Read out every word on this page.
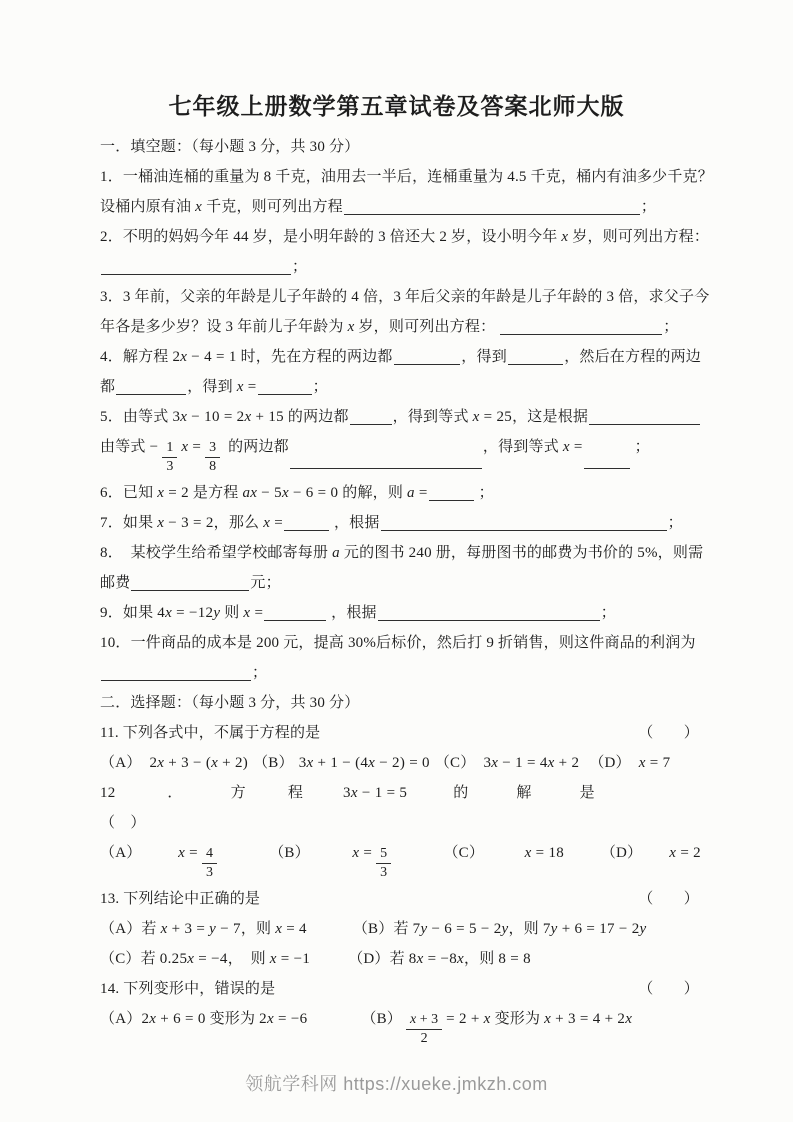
七年级上册数学第五章试卷及答案北师大版
一．填空题：（每小题 3 分，共 30 分）
1．一桶油连桶的重量为 8 千克，油用去一半后，连桶重量为 4.5 千克，桶内有油多少千克？
设桶内原有油 x 千克，则可列出方程	；
2．不明的妈妈今年 44 岁，是小明年龄的 3 倍还大 2 岁，设小明今年 x 岁，则可列出方程：
；
3．3 年前，父亲的年龄是儿子年龄的 4 倍，3 年后父亲的年龄是儿子年龄的 3 倍，求父子今
年各是多少岁？设 3 年前儿子年龄为 x 岁，则可列出方程：	；
4．解方程 2x − 4 = 1 时，先在方程的两边都	，得到	，然后在方程的两边
都	，得到 x =	；
5．由等式 3x − 10 = 2x + 15 的两边都	，得到等式 x = 25 ，这是根据
由等式 − $\frac{1}{3}$ $x = \frac{3}{8}$ 的两边都	，得到等式 x =	；
6．已知 x = 2 是方程 ax − 5x − 6 = 0 的解，则 a =	；
7．如果 x − 3 = 2 ，那么 x =	，根据	；
8．　某校学生给希望学校邮寄每册 a 元的图书 240 册，每册图书的邮费为书价的 5%，则需
邮费	元；
9．如果 4x = −12y 则 x =	，根据	；
10．一件商品的成本是 200 元，提高 30%后标价，然后打 9 折销售，则这件商品的利润为
；
二．选择题：（每小题 3 分，共 30 分）
11. 下列各式中，不属于方程的是	（　　）
（A） 2x + 3 − (x + 2) （B） 3x + 1 − (4x − 2) = 0 （C） 3x − 1 = 4x + 2 （D） x = 7
12	．	方	程	3x − 1 = 5	的	解	是
（　）
（A） $x = \frac{4}{3}$	（B）	$x = \frac{5}{3}$	（C）	x = 18 （D） x = 2
13. 下列结论中正确的是	（　　）
（A）若 x + 3 = y − 7 ，则 x = 4	（B）若 7y − 6 = 5 − 2y ，则 7y + 6 = 17 − 2y
（C）若 0.25x = −4 ，　则 x = −1	（D）若 8x = −8x ，则 8 = 8
14. 下列变形中，错误的是	（　　）
（A） 2x + 6 = 0 变形为 2x = −6	$(B) \frac{x + 3}{2} = 2 + x$ 变形为 x + 3 = 4 + 2x
领航学科网 https://xueke.jmkzh.com
